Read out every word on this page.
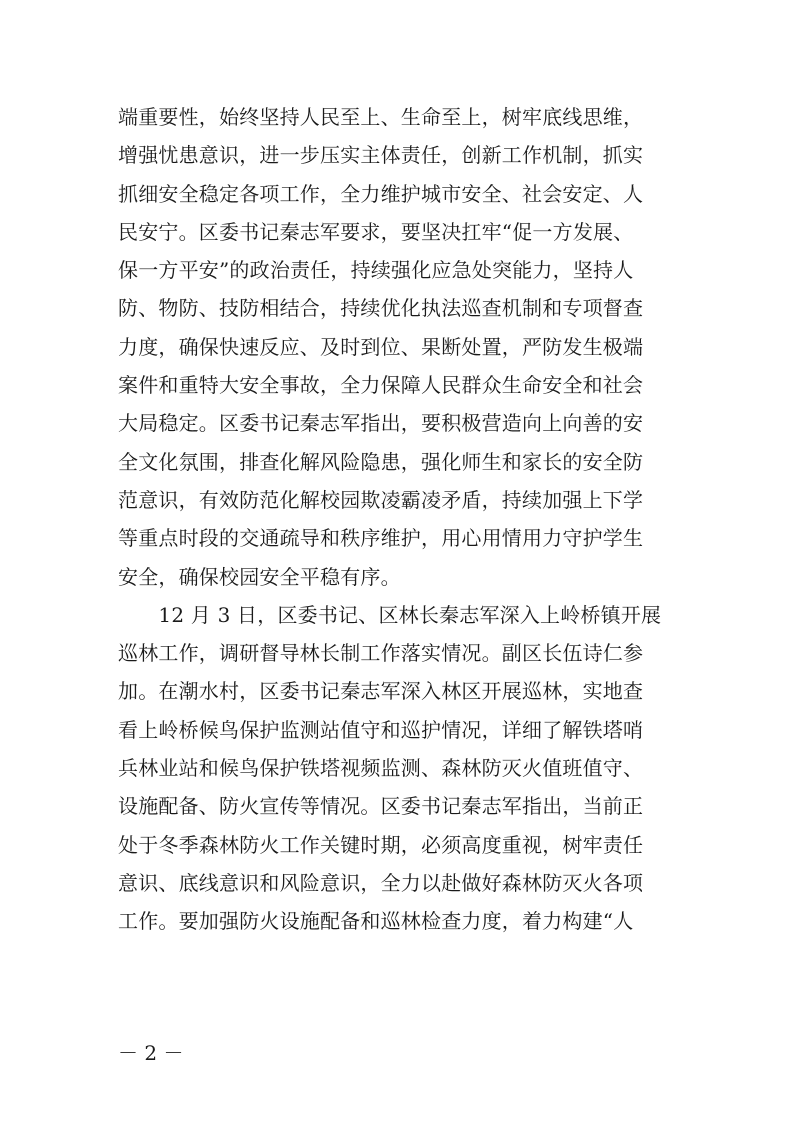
端重要性，始终坚持人民至上、生命至上，树牢底线思维，
增强忧患意识，进一步压实主体责任，创新工作机制，抓实
抓细安全稳定各项工作，全力维护城市安全、社会安定、人
民安宁。区委书记秦志军要求，要坚决扛牢“促一方发展、
保一方平安”的政治责任，持续强化应急处突能力，坚持人
防、物防、技防相结合，持续优化执法巡查机制和专项督查
力度，确保快速反应、及时到位、果断处置，严防发生极端
案件和重特大安全事故，全力保障人民群众生命安全和社会
大局稳定。区委书记秦志军指出，要积极营造向上向善的安
全文化氛围，排查化解风险隐患，强化师生和家长的安全防
范意识，有效防范化解校园欺凌霸凌矛盾，持续加强上下学
等重点时段的交通疏导和秩序维护，用心用情用力守护学生
安全，确保校园安全平稳有序。
　　12 月 3 日，区委书记、区林长秦志军深入上岭桥镇开展
巡林工作，调研督导林长制工作落实情况。副区长伍诗仁参
加。在潮水村，区委书记秦志军深入林区开展巡林，实地查
看上岭桥候鸟保护监测站值守和巡护情况，详细了解铁塔哨
兵林业站和候鸟保护铁塔视频监测、森林防灭火值班值守、
设施配备、防火宣传等情况。区委书记秦志军指出，当前正
处于冬季森林防火工作关键时期，必须高度重视，树牢责任
意识、底线意识和风险意识，全力以赴做好森林防灭火各项
工作。要加强防火设施配备和巡林检查力度，着力构建“人
－ 2 －
